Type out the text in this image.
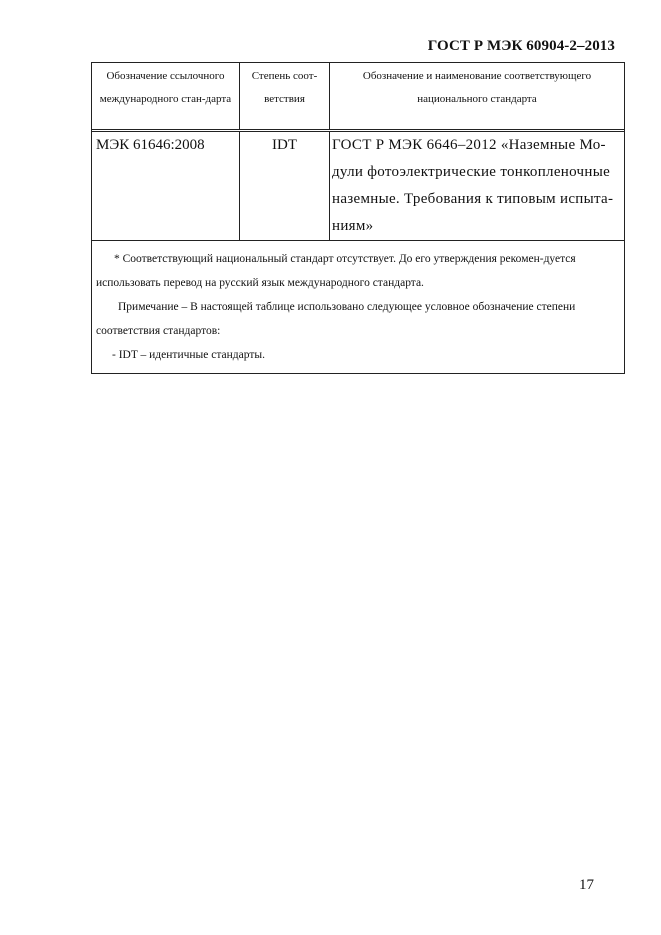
ГОСТ Р МЭК 60904-2–2013
Обозначение ссылочного международного стан-дарта
Степень соот-ветствия
Обозначение и наименование соответствующего национального стандарта
МЭК 61646:2008	IDT	ГОСТ Р МЭК 6646–2012 «Наземные Мо-дули фотоэлектрические тонкопленочные наземные. Требования к типовым испыта-ниям»

* Соответствующий национальный стандарт отсутствует. До его утверждения рекомен-дуется использовать перевод на русский язык международного стандарта.

Примечание – В настоящей таблице использовано следующее условное обозначение степени соответствия стандартов:

- IDT – идентичные стандарты.

17
